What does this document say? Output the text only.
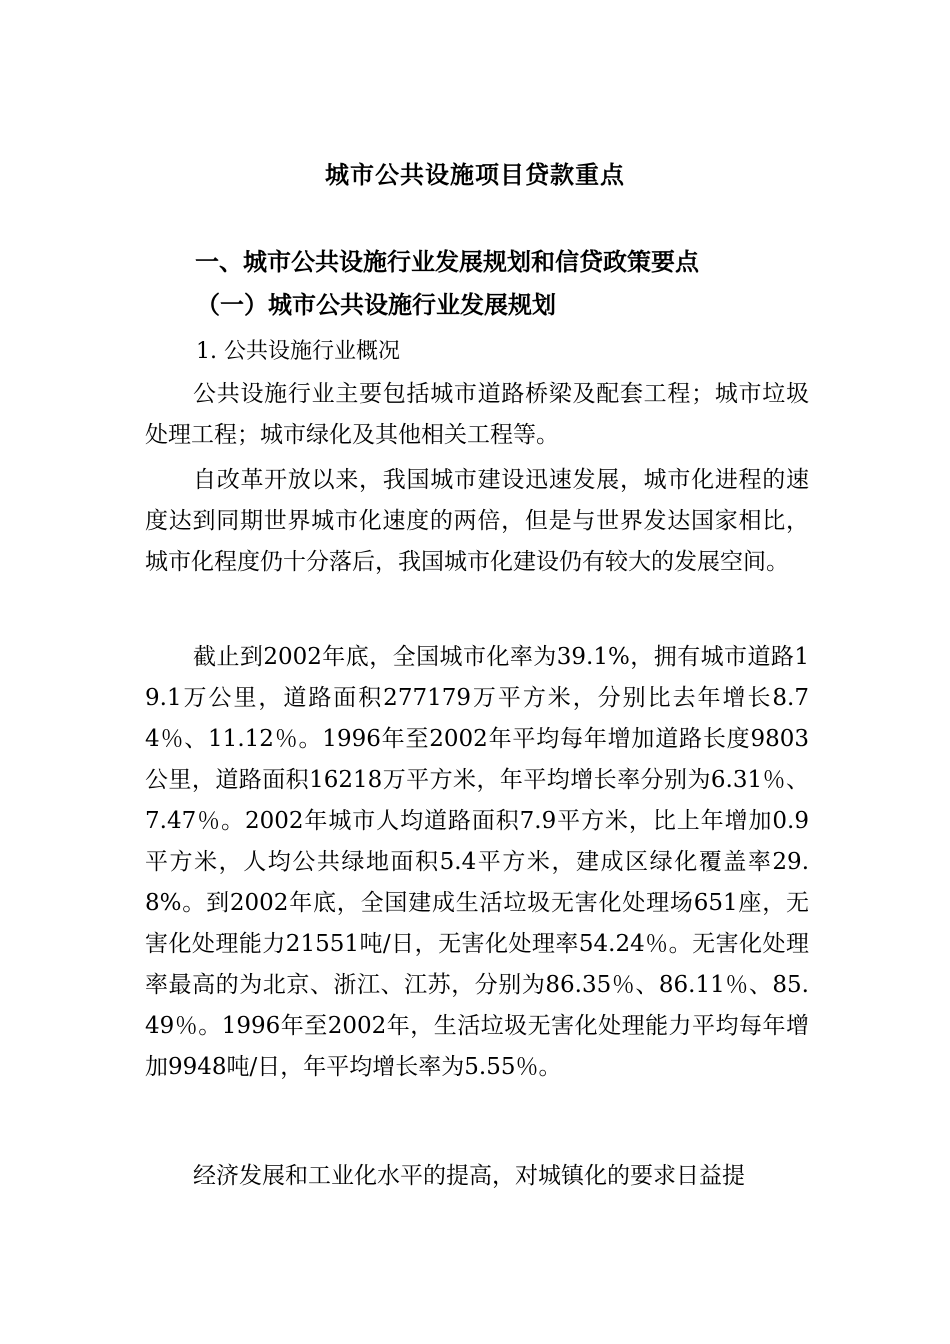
城市公共设施项目贷款重点
一、城市公共设施行业发展规划和信贷政策要点
（一）城市公共设施行业发展规划
1. 公共设施行业概况

公共设施行业主要包括城市道路桥梁及配套工程；城市垃圾处理工程；城市绿化及其他相关工程等。

自改革开放以来，我国城市建设迅速发展，城市化进程的速度达到同期世界城市化速度的两倍，但是与世界发达国家相比，城市化程度仍十分落后，我国城市化建设仍有较大的发展空间。

截止到2002年底，全国城市化率为39.1%，拥有城市道路19.1万公里，道路面积277179万平方米，分别比去年增长8.74％、11.12％。1996年至2002年平均每年增加道路长度9803公里，道路面积16218万平方米，年平均增长率分别为6.31％、7.47％。2002年城市人均道路面积7.9平方米，比上年增加0.9平方米，人均公共绿地面积5.4平方米，建成区绿化覆盖率29.8%。到2002年底，全国建成生活垃圾无害化处理场651座，无害化处理能力21551吨/日，无害化处理率54.24％。无害化处理率最高的为北京、浙江、江苏，分别为86.35％、86.11％、85.49％。1996年至2002年，生活垃圾无害化处理能力平均每年增加9948吨/日，年平均增长率为5.55％。

经济发展和工业化水平的提高，对城镇化的要求日益提
